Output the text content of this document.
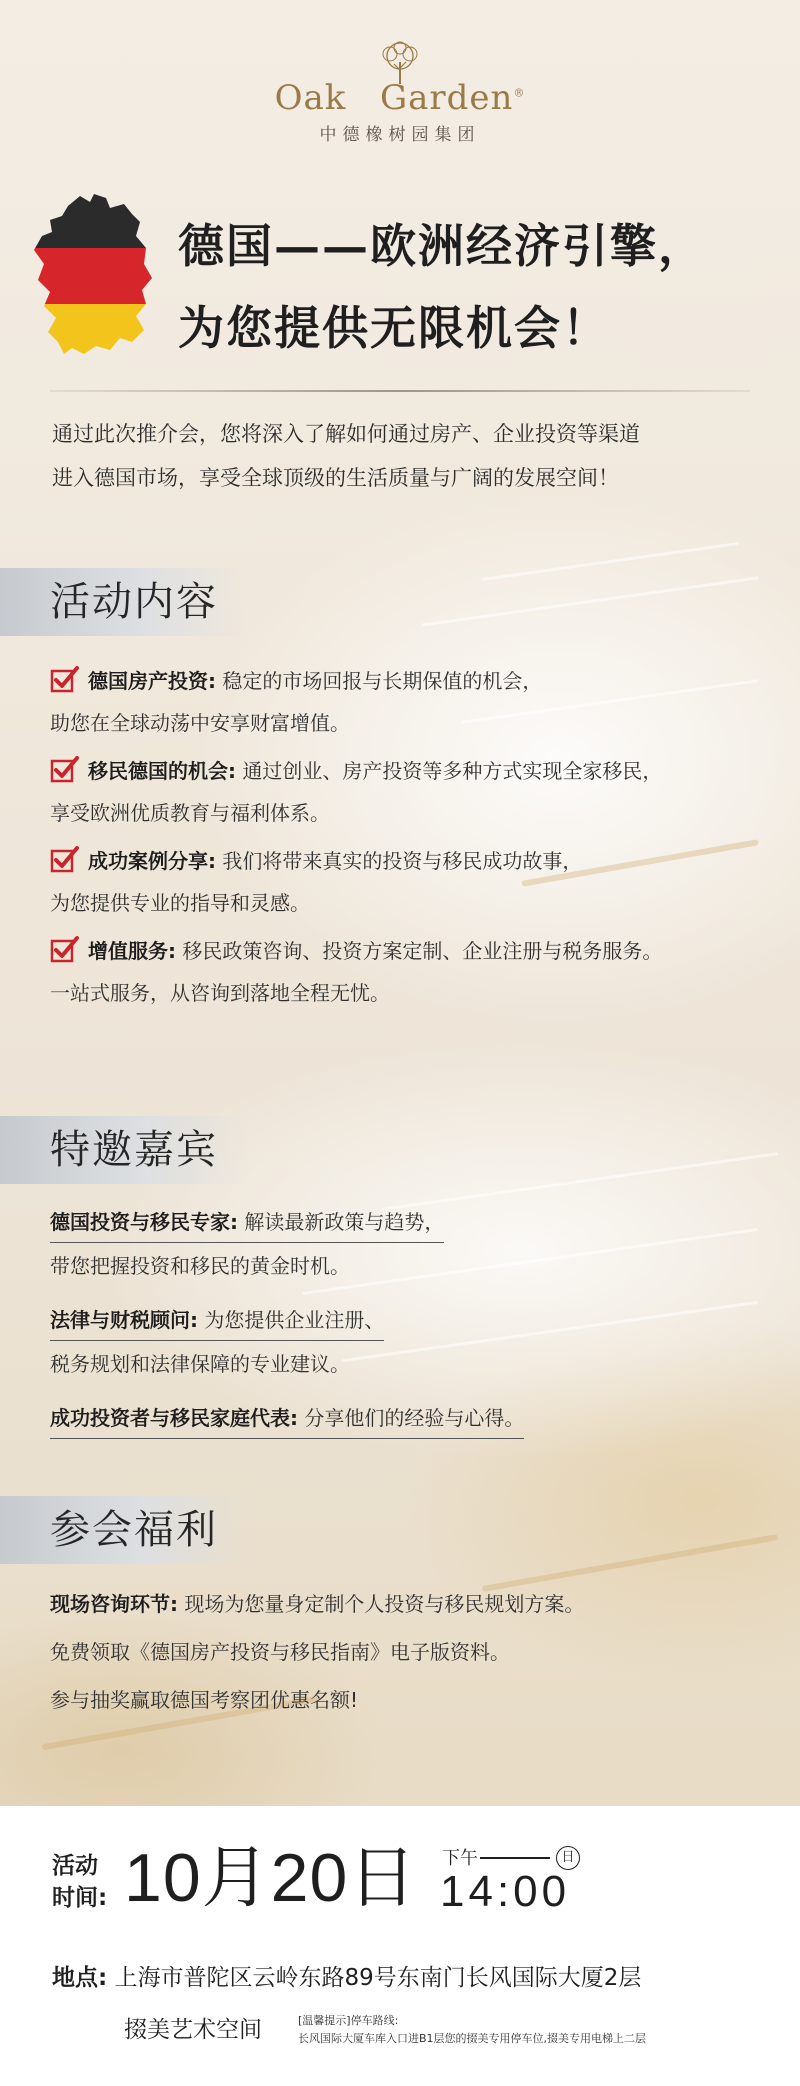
Oak Garden®
中德橡树园集团
德国——欧洲经济引擎，
为您提供无限机会！
通过此次推介会，您将深入了解如何通过房产、企业投资等渠道
进入德国市场，享受全球顶级的生活质量与广阔的发展空间！
活动内容
德国房产投资: 稳定的市场回报与长期保值的机会，
助您在全球动荡中安享财富增值。
移民德国的机会: 通过创业、房产投资等多种方式实现全家移民，
享受欧洲优质教育与福利体系。
成功案例分享: 我们将带来真实的投资与移民成功故事，
为您提供专业的指导和灵感。
增值服务: 移民政策咨询、投资方案定制、企业注册与税务服务。
一站式服务，从咨询到落地全程无忧。
特邀嘉宾
德国投资与移民专家: 解读最新政策与趋势，
带您把握投资和移民的黄金时机。
法律与财税顾问: 为您提供企业注册、
税务规划和法律保障的专业建议。
成功投资者与移民家庭代表: 分享他们的经验与心得。
参会福利
现场咨询环节: 现场为您量身定制个人投资与移民规划方案。
免费领取《德国房产投资与移民指南》电子版资料。
参与抽奖赢取德国考察团优惠名额!
活动
时间: 10月20日 下午	日
14:00
地点: 上海市普陀区云岭东路89号东南门长风国际大厦2层
掇美艺术空间	[温馨提示]停车路线:
长风国际大厦车库入口进B1层您的掇美专用停车位,掇美专用电梯上二层
